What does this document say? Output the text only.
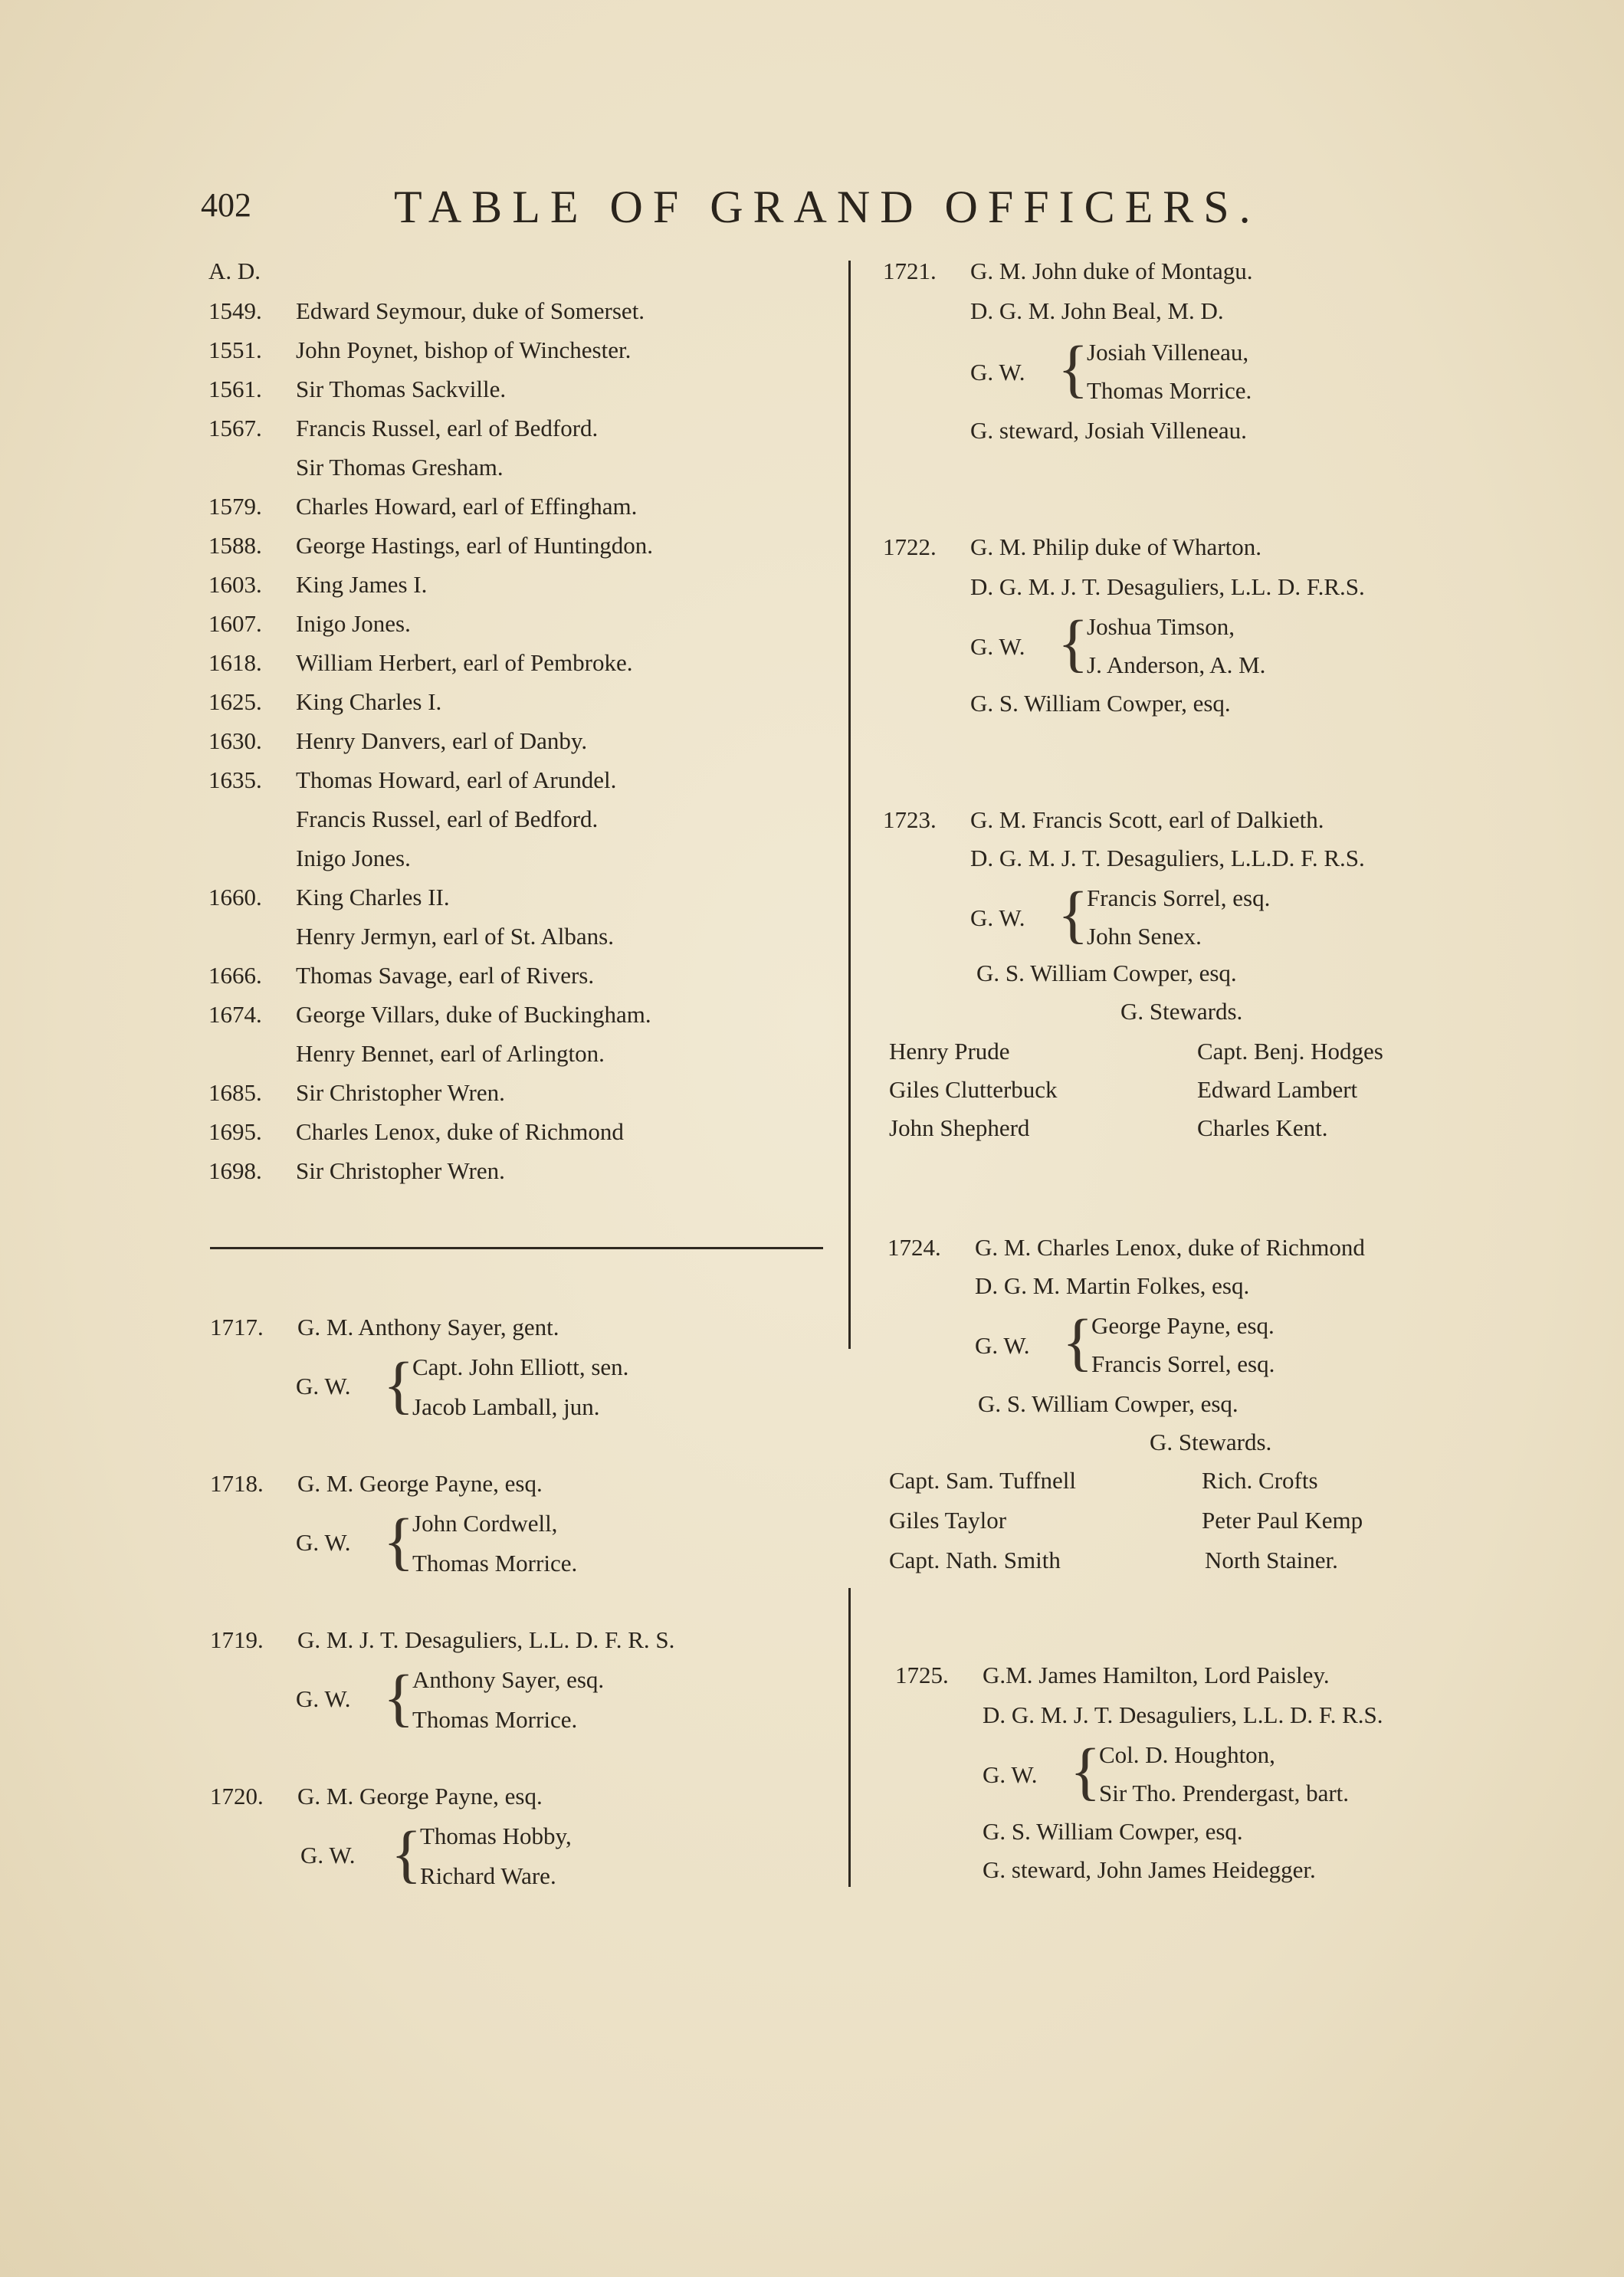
402	TABLE OF GRAND OFFICERS.
A. D.
1549. Edward Seymour, duke of Somerset.
1551. John Poynet, bishop of Winchester.
1561. Sir Thomas Sackville.
1567. Francis Russel, earl of Bedford.
Sir Thomas Gresham.
1579. Charles Howard, earl of Effingham.
1588. George Hastings, earl of Huntingdon.
1603. King James I.
1607. Inigo Jones.
1618. William Herbert, earl of Pembroke.
1625. King Charles I.
1630. Henry Danvers, earl of Danby.
1635. Thomas Howard, earl of Arundel.
Francis Russel, earl of Bedford.
Inigo Jones.
1660. King Charles II.
Henry Jermyn, earl of St. Albans.
1666. Thomas Savage, earl of Rivers.
1674. George Villars, duke of Buckingham.
Henry Bennet, earl of Arlington.
1685. Sir Christopher Wren.
1695. Charles Lenox, duke of Richmond
1698. Sir Christopher Wren.
1717. G. M. Anthony Sayer, gent.
G. W. {
Capt. John Elliott, sen.
Jacob Lamball, jun.
1718. G. M. George Payne, esq.
G. W. {
John Cordwell,
Thomas Morrice.
1719. G. M. J. T. Desaguliers, L.L. D. F. R. S.
G. W. {
Anthony Sayer, esq.
Thomas Morrice.
1720. G. M. George Payne, esq.
G. W. {
Thomas Hobby,
Richard Ware.
1721. G. M. John duke of Montagu.
D. G. M. John Beal, M. D.
G. W. {
Josiah Villeneau,
Thomas Morrice.
G. steward, Josiah Villeneau.
1722. G. M. Philip duke of Wharton.
D. G. M. J. T. Desaguliers, L.L. D. F.R.S.
G. W. {
Joshua Timson,
J. Anderson, A. M.
G. S. William Cowper, esq.
1723. G. M. Francis Scott, earl of Dalkieth.
D. G. M. J. T. Desaguliers, L.L.D. F. R.S.
G. W. {
Francis Sorrel, esq.
John Senex.
G. S. William Cowper, esq.
G. Stewards.
Henry Prude	Capt. Benj. Hodges
Giles Clutterbuck	Edward Lambert
John Shepherd	Charles Kent.
1724. G. M. Charles Lenox, duke of Richmond
D. G. M. Martin Folkes, esq.
G. W. {
George Payne, esq.
Francis Sorrel, esq.
G. S. William Cowper, esq.
G. Stewards.
Capt. Sam. Tuffnell	Rich. Crofts
Giles Taylor	Peter Paul Kemp
Capt. Nath. Smith	North Stainer.
1725. G.M. James Hamilton, Lord Paisley.
D. G. M. J. T. Desaguliers, L.L. D. F. R.S.
G. W. {
Col. D. Houghton,
Sir Tho. Prendergast, bart.
G. S. William Cowper, esq.
G. steward, John James Heidegger.
